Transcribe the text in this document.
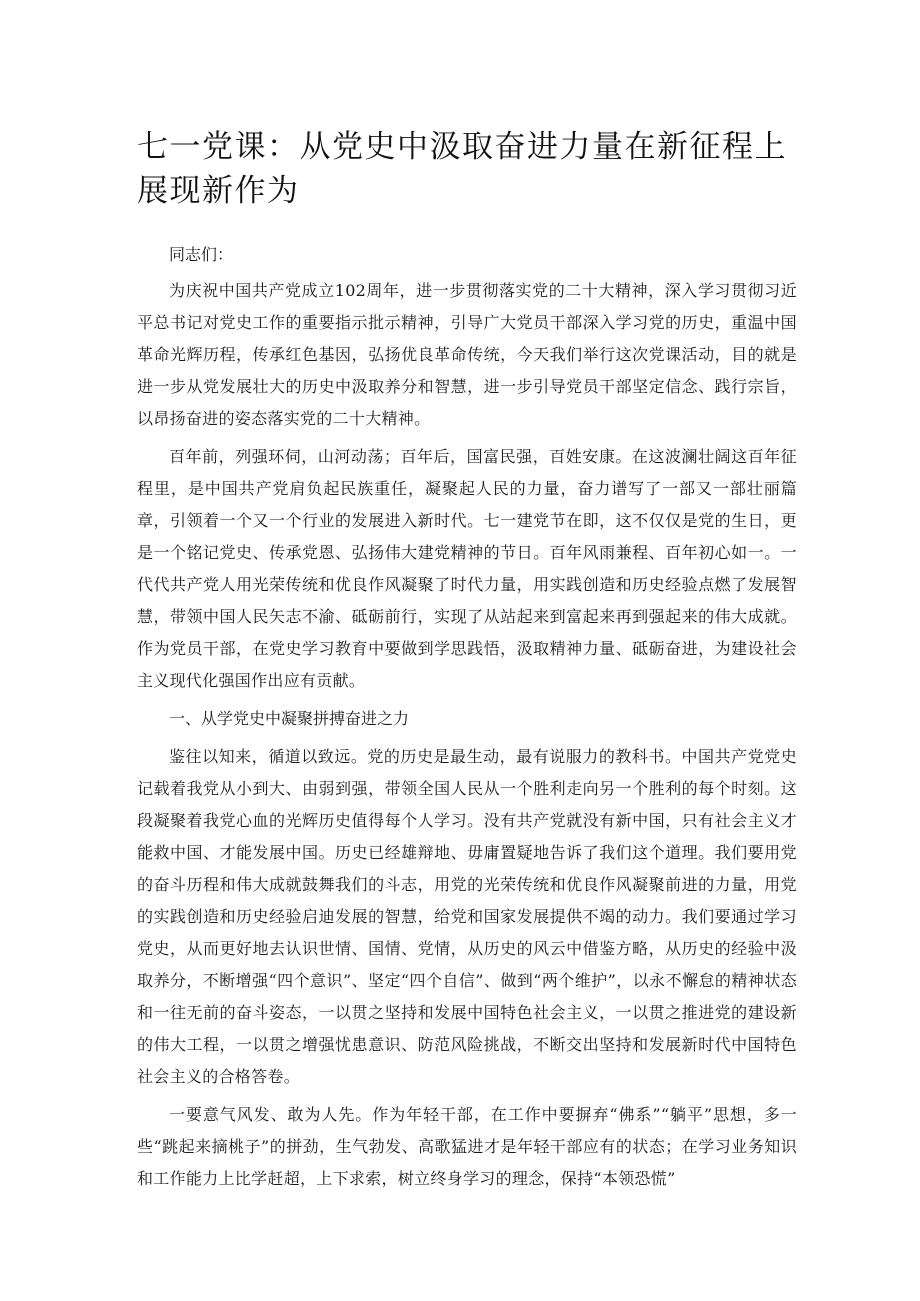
七一党课：从党史中汲取奋进力量在新征程上展现新作为

同志们：

为庆祝中国共产党成立102周年，进一步贯彻落实党的二十大精神，深入学习贯彻习近平总书记对党史工作的重要指示批示精神，引导广大党员干部深入学习党的历史，重温中国革命光辉历程，传承红色基因，弘扬优良革命传统，今天我们举行这次党课活动，目的就是进一步从党发展壮大的历史中汲取养分和智慧，进一步引导党员干部坚定信念、践行宗旨，以昂扬奋进的姿态落实党的二十大精神。

百年前，列强环伺，山河动荡；百年后，国富民强，百姓安康。在这波澜壮阔这百年征程里，是中国共产党肩负起民族重任，凝聚起人民的力量，奋力谱写了一部又一部壮丽篇章，引领着一个又一个行业的发展进入新时代。七一建党节在即，这不仅仅是党的生日，更是一个铭记党史、传承党恩、弘扬伟大建党精神的节日。百年风雨兼程、百年初心如一。一代代共产党人用光荣传统和优良作风凝聚了时代力量，用实践创造和历史经验点燃了发展智慧，带领中国人民矢志不渝、砥砺前行，实现了从站起来到富起来再到强起来的伟大成就。作为党员干部，在党史学习教育中要做到学思践悟，汲取精神力量、砥砺奋进，为建设社会主义现代化强国作出应有贡献。

一、从学党史中凝聚拼搏奋进之力

鉴往以知来，循道以致远。党的历史是最生动，最有说服力的教科书。中国共产党党史记载着我党从小到大、由弱到强，带领全国人民从一个胜利走向另一个胜利的每个时刻。这段凝聚着我党心血的光辉历史值得每个人学习。没有共产党就没有新中国，只有社会主义才能救中国、才能发展中国。历史已经雄辩地、毋庸置疑地告诉了我们这个道理。我们要用党的奋斗历程和伟大成就鼓舞我们的斗志，用党的光荣传统和优良作风凝聚前进的力量，用党的实践创造和历史经验启迪发展的智慧，给党和国家发展提供不竭的动力。我们要通过学习党史，从而更好地去认识世情、国情、党情，从历史的风云中借鉴方略，从历史的经验中汲取养分，不断增强“四个意识”、坚定“四个自信”、做到“两个维护”，以永不懈怠的精神状态和一往无前的奋斗姿态，一以贯之坚持和发展中国特色社会主义，一以贯之推进党的建设新的伟大工程，一以贯之增强忧患意识、防范风险挑战，不断交出坚持和发展新时代中国特色社会主义的合格答卷。

一要意气风发、敢为人先。作为年轻干部，在工作中要摒弃“佛系”“躺平”思想，多一些“跳起来摘桃子”的拼劲，生气勃发、高歌猛进才是年轻干部应有的状态；在学习业务知识和工作能力上比学赶超，上下求索，树立终身学习的理念，保持“本领恐慌”
